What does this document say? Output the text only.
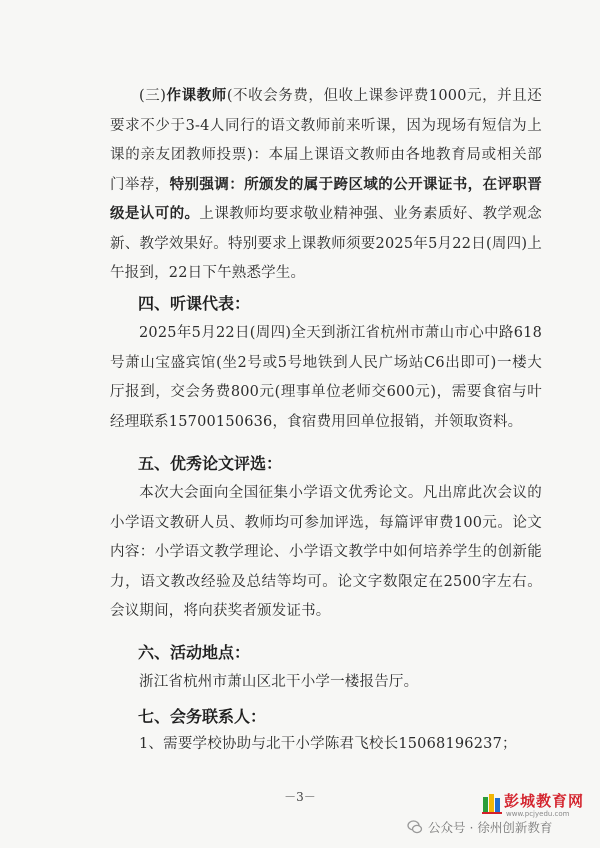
(三)作课教师(不收会务费，但收上课参评费1000元，并且还要求不少于3-4人同行的语文教师前来听课，因为现场有短信为上课的亲友团教师投票)：本届上课语文教师由各地教育局或相关部门举荐，特别强调：所颁发的属于跨区域的公开课证书，在评职晋级是认可的。上课教师均要求敬业精神强、业务素质好、教学观念新、教学效果好。特别要求上课教师须要2025年5月22日(周四)上午报到，22日下午熟悉学生。
四、听课代表：
2025年5月22日(周四)全天到浙江省杭州市萧山市心中路618号萧山宝盛宾馆(坐2号或5号地铁到人民广场站C6出即可)一楼大厅报到，交会务费800元(理事单位老师交600元)，需要食宿与叶经理联系15700150636，食宿费用回单位报销，并领取资料。
五、优秀论文评选：
本次大会面向全国征集小学语文优秀论文。凡出席此次会议的小学语文教研人员、教师均可参加评选，每篇评审费100元。论文内容：小学语文教学理论、小学语文教学中如何培养学生的创新能力，语文教改经验及总结等均可。论文字数限定在2500字左右。会议期间，将向获奖者颁发证书。
六、活动地点：
浙江省杭州市萧山区北干小学一楼报告厅。
七、会务联系人：
1、需要学校协助与北干小学陈君飞校长15068196237；
－3－	彭城教育网
www.pcjyedu.com
公众号 · 徐州创新教育
